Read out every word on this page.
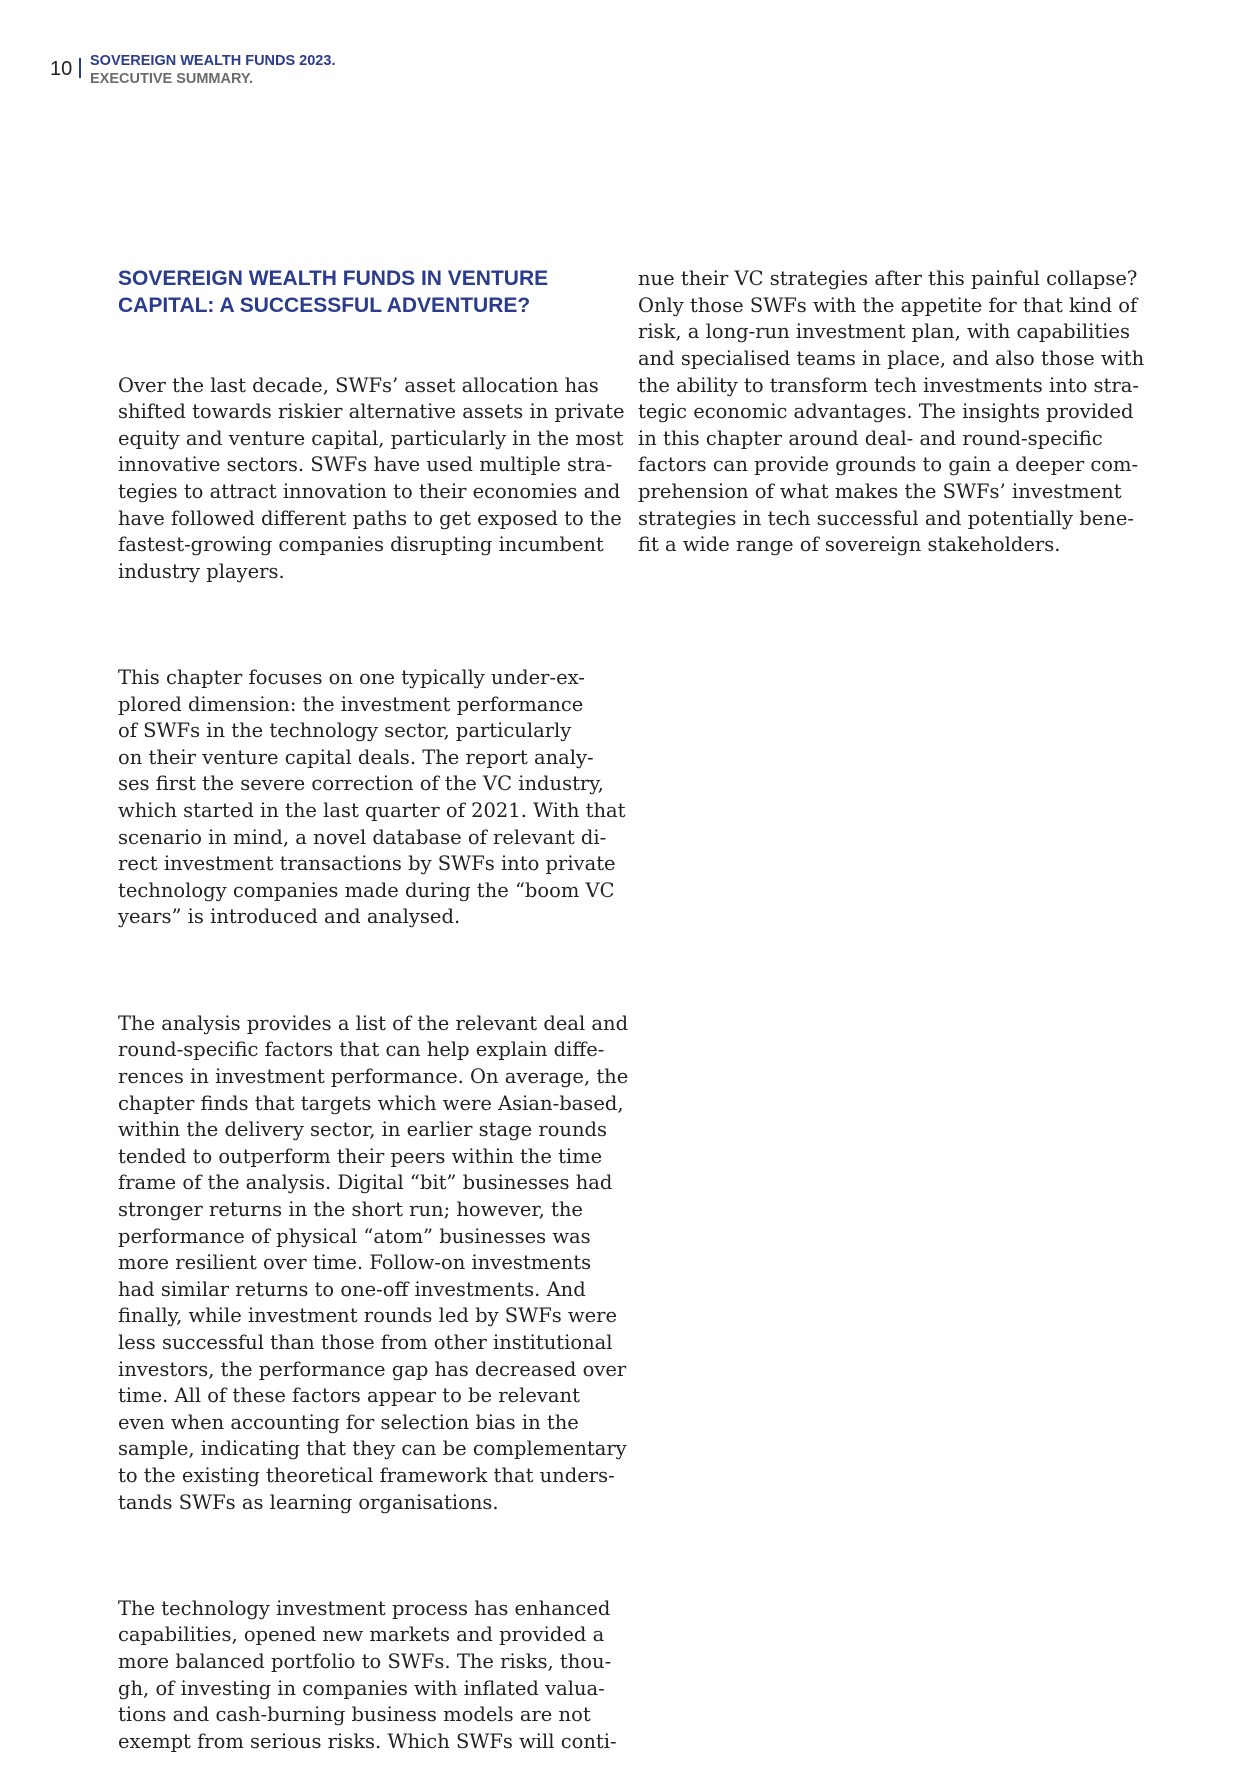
10 SOVEREIGN WEALTH FUNDS 2023.
EXECUTIVE SUMMARY.

SOVEREIGN WEALTH FUNDS IN VENTURE
CAPITAL: A SUCCESSFUL ADVENTURE?

Over the last decade, SWFs’ asset allocation has
shifted towards riskier alternative assets in private
equity and venture capital, particularly in the most
innovative sectors. SWFs have used multiple stra-
tegies to attract innovation to their economies and
have followed different paths to get exposed to the
fastest-growing companies disrupting incumbent
industry players.

This chapter focuses on one typically under-ex-
plored dimension: the investment performance
of SWFs in the technology sector, particularly
on their venture capital deals. The report analy-
ses first the severe correction of the VC industry,
which started in the last quarter of 2021. With that
scenario in mind, a novel database of relevant di-
rect investment transactions by SWFs into private
technology companies made during the “boom VC
years” is introduced and analysed.

The analysis provides a list of the relevant deal and
round-specific factors that can help explain diffe-
rences in investment performance. On average, the
chapter finds that targets which were Asian-based,
within the delivery sector, in earlier stage rounds
tended to outperform their peers within the time
frame of the analysis. Digital “bit” businesses had
stronger returns in the short run; however, the
performance of physical “atom” businesses was
more resilient over time. Follow-on investments
had similar returns to one-off investments. And
finally, while investment rounds led by SWFs were
less successful than those from other institutional
investors, the performance gap has decreased over
time. All of these factors appear to be relevant
even when accounting for selection bias in the
sample, indicating that they can be complementary
to the existing theoretical framework that unders-
tands SWFs as learning organisations.

The technology investment process has enhanced
capabilities, opened new markets and provided a
more balanced portfolio to SWFs. The risks, thou-
gh, of investing in companies with inflated valua-
tions and cash-burning business models are not
exempt from serious risks. Which SWFs will conti-

nue their VC strategies after this painful collapse?
Only those SWFs with the appetite for that kind of
risk, a long-run investment plan, with capabilities
and specialised teams in place, and also those with
the ability to transform tech investments into stra-
tegic economic advantages. The insights provided
in this chapter around deal- and round-specific
factors can provide grounds to gain a deeper com-
prehension of what makes the SWFs’ investment
strategies in tech successful and potentially bene-
fit a wide range of sovereign stakeholders.
